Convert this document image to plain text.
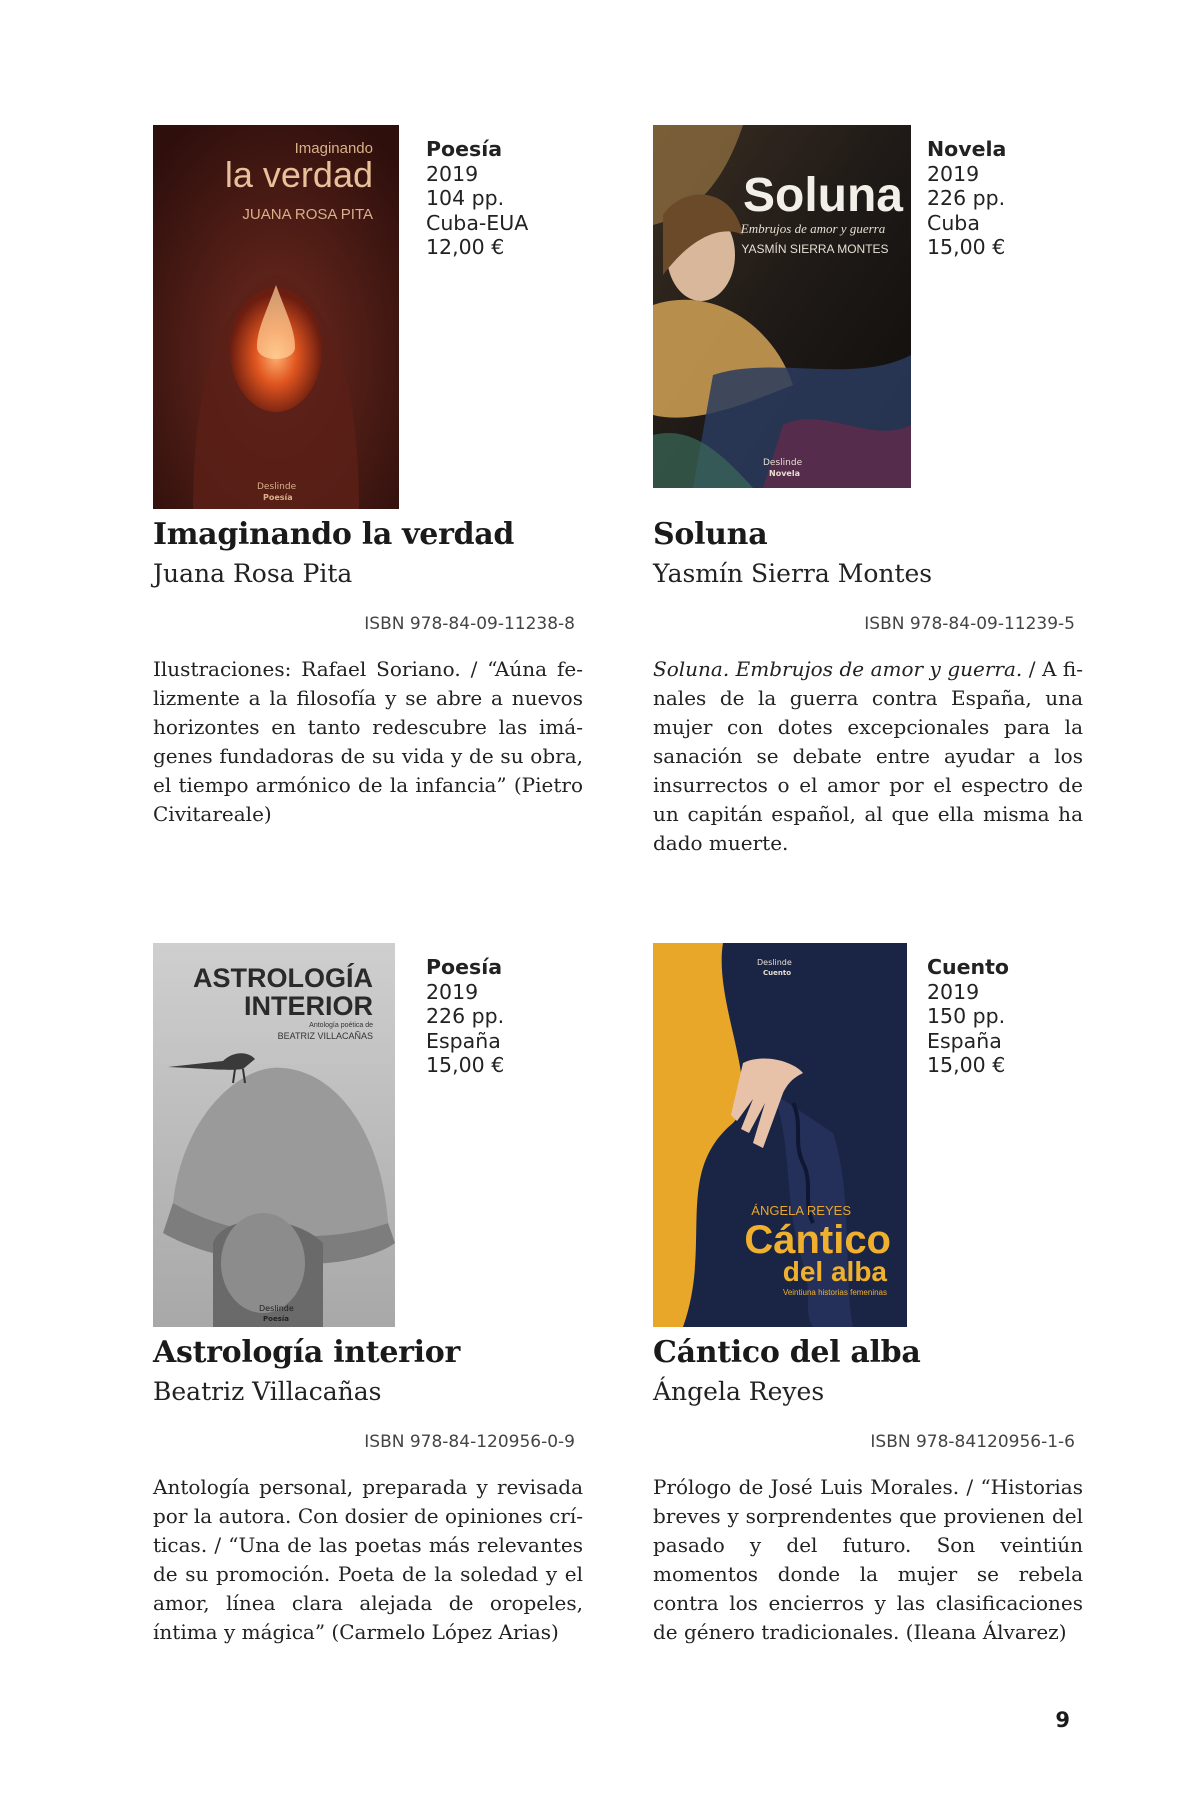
Imaginando
la verdad
JUANA ROSA PITA
Deslinde
Poesía
Poesía
2019
104 pp.
Cuba-EUA
12,00 €
Imaginando la verdad
Juana Rosa Pita
ISBN 978-84-09-11238-8

Ilustraciones: Rafael Soriano. / “Aúna felizmente a la filosofía y se abre a nuevos horizontes en tanto redescubre las imágenes fundadoras de su vida y de su obra, el tiempo armónico de la infancia” (Pietro Civitareale)

Soluna
Embrujos de amor y guerra
YASMÍN SIERRA MONTES
Deslinde
Novela
Novela
2019
226 pp.
Cuba
15,00 €
Soluna
Yasmín Sierra Montes
ISBN 978-84-09-11239-5

Soluna. Embrujos de amor y guerra. / A finales de la guerra contra España, una mujer con dotes excepcionales para la sanación se debate entre ayudar a los insurrectos o el amor por el espectro de un capitán español, al que ella misma ha dado muerte.

ASTROLOGÍA
INTERIOR
Antología poética de
BEATRIZ VILLACAÑAS
Deslinde
Poesía
Poesía
2019
226 pp.
España
15,00 €
Astrología interior
Beatriz Villacañas
ISBN 978-84-120956-0-9

Antología personal, preparada y revisada por la autora. Con dosier de opiniones críticas. / “Una de las poetas más relevantes de su promoción. Poeta de la soledad y el amor, línea clara alejada de oropeles, íntima y mágica” (Carmelo López Arias)

Deslinde
Cuento
ÁNGELA REYES
Cántico
del alba
Veintiuna historias femeninas
Cuento
2019
150 pp.
España
15,00 €
Cántico del alba
Ángela Reyes
ISBN 978-84120956-1-6

Prólogo de José Luis Morales. / “Historias breves y sorprendentes que provienen del pasado y del futuro. Son veintiún momentos donde la mujer se rebela contra los encierros y las clasificaciones de género tradicionales. (Ileana Álvarez)

9
